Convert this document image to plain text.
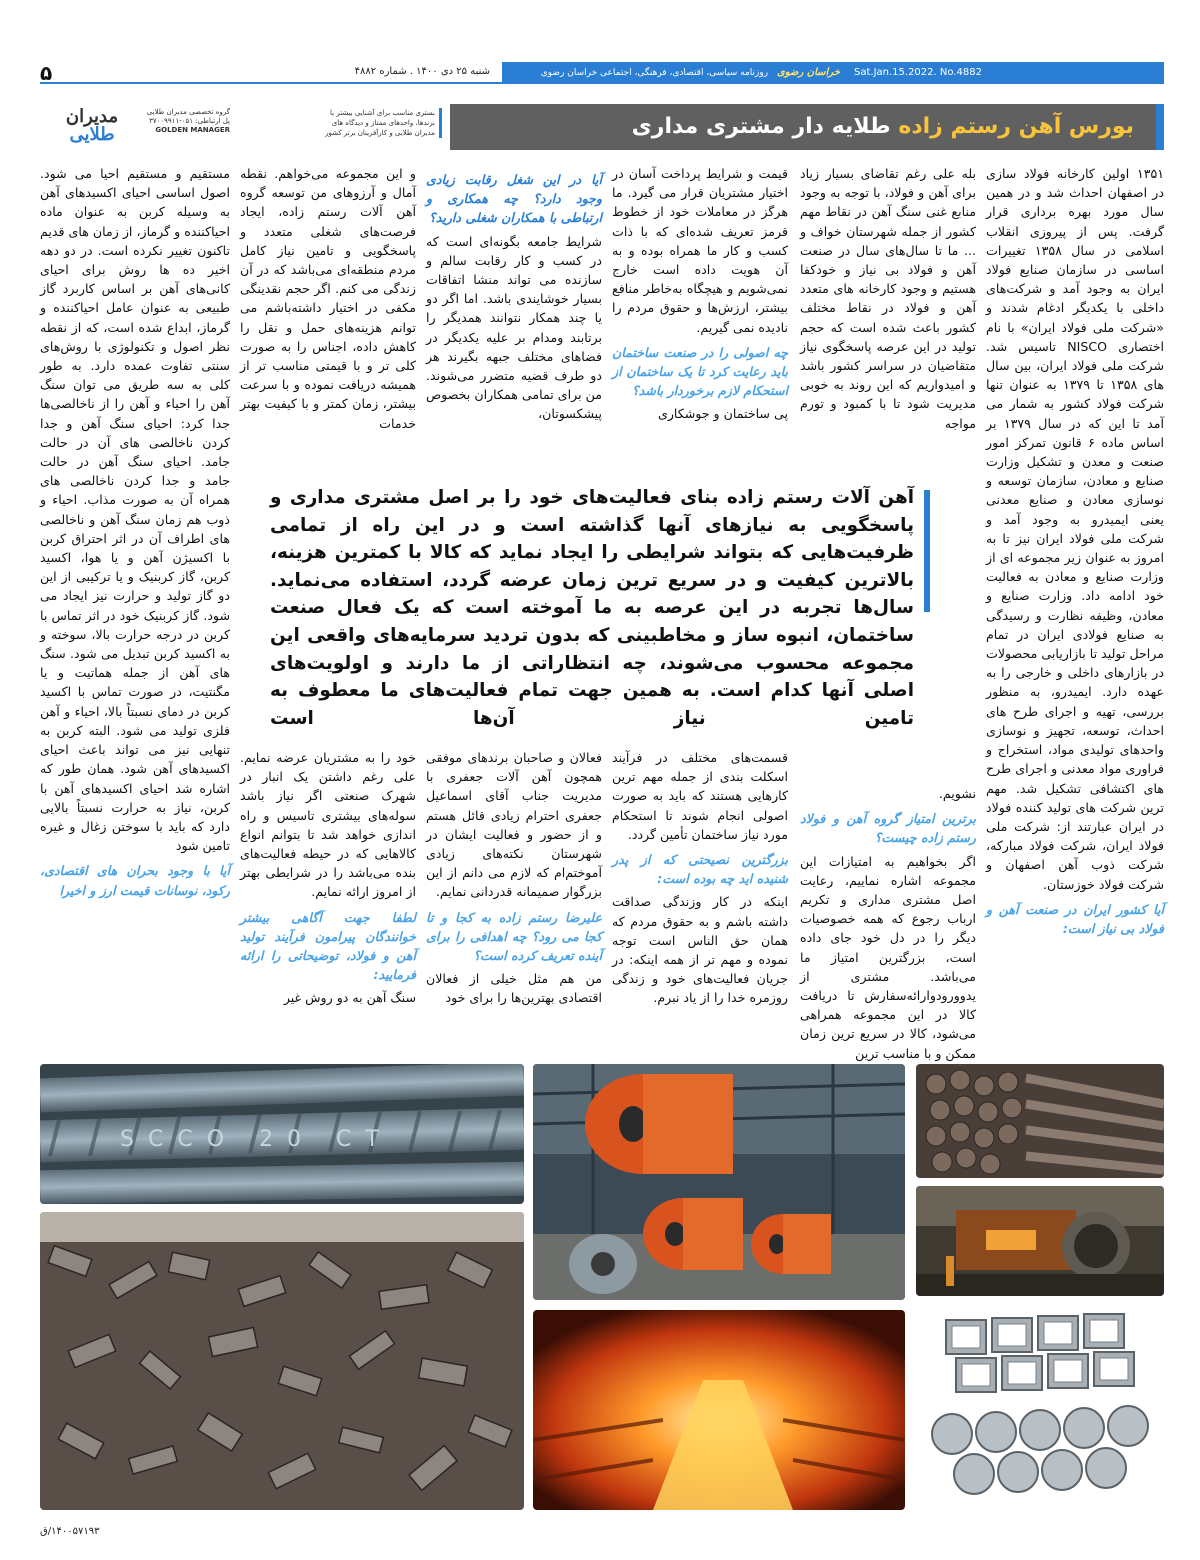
۵	شنبه ۲۵ دی ۱۴۰۰ . شماره ۴۸۸۲	خراسان رضوی روزنامه سیاسی، اقتصادی، فرهنگی، اجتماعی خراسان رضوی	Sat.Jan.15.2022. No.4882
مدیران
طلایی
گروه تخصصی مدیران طلایی
پل ارتباطی: ۰۵۱-۳۷۰۰۹۹۱۱
GOLDEN MANAGER
بستری مناسب برای آشنایی بیشتر با برندها، واحدهای ممتاز و دیدگاه های مدیران طلایی و کارآفرینان برتر کشور	بورس آهن رستم زاده طلایه دار مشتری مداری

۱۳۵۱ اولین کارخانه فولاد سازی در اصفهان احداث شد و در همین سال مورد بهره برداری قرار گرفت. پس از پیروزی انقلاب اسلامی در سال ۱۳۵۸ تغییرات اساسی در سازمان صنایع فولاد ایران به وجود آمد و شرکت‌های داخلی با یکدیگر ادغام شدند و «شرکت ملی فولاد ایران» با نام اختصاری NISCO تاسیس شد. شرکت ملی فولاد ایران، بین سال های ۱۳۵۸ تا ۱۳۷۹ به عنوان تنها شرکت فولاد کشور به شمار می آمد تا این که در سال ۱۳۷۹ بر اساس ماده ۶ قانون تمرکز امور صنعت و معدن و تشکیل وزارت صنایع و معادن، سازمان توسعه و نوسازی معادن و صنایع معدنی یعنی ایمیدرو به وجود آمد و شرکت ملی فولاد ایران نیز تا به امروز به عنوان زیر مجموعه ای از وزارت صنایع و معادن به فعالیت خود ادامه داد. وزارت صنایع و معادن، وظیفه نظارت و رسیدگی به صنایع فولادی ایران در تمام مراحل تولید تا بازاریابی محصولات در بازارهای داخلی و خارجی را به عهده دارد. ایمیدرو، به منظور بررسی، تهیه و اجرای طرح های احداث، توسعه، تجهیز و نوسازی واحدهای تولیدی مواد، استخراج و فراوری مواد معدنی و اجرای طرح های اکتشافی تشکیل شد. مهم ترین شرکت های تولید کننده فولاد در ایران عبارتند از: شرکت ملی فولاد ایران، شرکت فولاد مبارکه، شرکت ذوب آهن اصفهان و شرکت فولاد خوزستان.

آیا کشور ایران در صنعت آهن و فولاد بی نیاز است:

بله علی رغم تقاضای بسیار زیاد برای آهن و فولاد، با توجه به وجود منابع غنی سنگ آهن در نقاط مهم کشور از جمله شهرستان خواف و ... ما تا سال‌های سال در صنعت آهن و فولاد بی نیاز و خودکفا هستیم و وجود کارخانه های متعدد آهن و فولاد در نقاط مختلف کشور باعث شده است که حجم تولید در این عرصه پاسخگوی نیاز متقاضیان در سراسر کشور باشد و امیدواریم که این روند به خوبی مدیریت شود تا با کمبود و تورم مواجه

قیمت و شرایط پرداخت آسان در اختیار مشتریان قرار می گیرد. ما هرگز در معاملات خود از خطوط قرمز تعریف شده‌ای که با ذات کسب و کار ما همراه بوده و به آن هویت داده است خارج نمی‌شویم و هیچگاه به‌خاطر منافع بیشتر، ارزش‌ها و حقوق مردم را نادیده نمی گیریم.

چه اصولی را در صنعت ساختمان باید رعایت کرد تا یک ساختمان از استحکام لازم برخوردار باشد؟

پی ساختمان و جوشکاری

آیا در این شغل رقابت زیادی وجود دارد؟ چه همکاری و ارتباطی با همکاران شغلی دارید؟

شرایط جامعه بگونه‌ای است که در کسب و کار رقابت سالم و سازنده می تواند منشا اتفاقات بسیار خوشایندی باشد. اما اگر دو یا چند همکار نتوانند همدیگر را برتابند ومدام بر علیه یکدیگر در فضاهای مختلف جبهه بگیرند هر دو طرف قضیه متضرر می‌شوند. من برای تمامی همکاران بخصوص پیشکسوتان،

و این مجموعه می‌خواهم. نقطه آمال و آرزوهای من توسعه گروه آهن آلات رستم زاده، ایجاد فرصت‌های شغلی متعدد و پاسخگویی و تامین نیاز کامل مردم منطقه‌ای می‌باشد که در آن زندگی می کنم. اگر حجم نقدینگی مکفی در اختیار داشته‌باشم می توانم هزینه‌های حمل و نقل را کاهش داده، اجناس را به صورت کلی تر و با قیمتی مناسب تر از همیشه دریافت نموده و با سرعت بیشتر، زمان کمتر و با کیفیت بهتر خدمات

مستقیم و مستقیم احیا می شود. اصول اساسی احیای اکسیدهای آهن به وسیله کربن به عنوان ماده احیاکننده و گرماز، از زمان های قدیم تاکنون تغییر نکرده است. در دو دهه اخیر ده ها روش برای احیای کانی‌های آهن بر اساس کاربرد گاز طبیعی به عنوان عامل احیاکننده و گرماز، ابداع شده است، که از نقطه نظر اصول و تکنولوژی با روش‌های سنتی تفاوت عمده دارد. به طور کلی به سه طریق می توان سنگ آهن را احیاء و آهن را از ناخالصی‌ها جدا کرد: احیای سنگ آهن و جدا کردن ناخالصی های آن در حالت جامد. احیای سنگ آهن در حالت جامد و جدا کردن ناخالصی های همراه آن به صورت مذاب. احیاء و ذوب هم زمان سنگ آهن و ناخالصی های اطراف آن در اثر احتراق کربن با اکسیژن آهن و یا هوا، اکسید کربن، گاز کربنیک و یا ترکیبی از این دو گاز تولید و حرارت نیز ایجاد می شود. گاز کربنیک خود در اثر تماس با کربن در درجه حرارت بالا، سوخته و به اکسید کربن تبدیل می شود. سنگ های آهن از جمله هماتیت و یا مگنتیت، در صورت تماس با اکسید کربن در دمای نسبتاً بالا، احیاء و آهن فلزی تولید می شود. البته کربن به تنهایی نیز می تواند باعث احیای اکسیدهای آهن شود. همان طور که اشاره شد احیای اکسیدهای آهن با کربن، نیاز به حرارت نسبتاً بالایی دارد که باید با سوختن زغال و غیره تامین شود

آیا با وجود بحران های اقتصادی، رکود، نوسانات قیمت ارز و اخیرا

آهن آلات رستم زاده بنای فعالیت‌های خود را بر اصل مشتری مداری و پاسخگویی به نیازهای آنها گذاشته است و در این راه از تمامی ظرفیت‌هایی که بتواند شرایطی را ایجاد نماید که کالا با کمترین هزینه، بالاترین کیفیت و در سریع ترین زمان عرضه گردد، استفاده می‌نماید. سال‌ها تجربه در این عرصه به ما آموخته است که یک فعال صنعت ساختمان، انبوه ساز و مخاطبینی که بدون تردید سرمایه‌های واقعی این مجموعه محسوب می‌شوند، چه انتظاراتی از ما دارند و اولویت‌های اصلی آنها کدام است. به همین جهت تمام فعالیت‌های ما معطوف به تامین نیاز آن‌ها است

نشویم.

برترین امتیاز گروه آهن و فولاد رستم زاده چیست؟

اگر بخواهیم به امتیازات این مجموعه اشاره نماییم، رعایت اصل مشتری مداری و تکریم ارباب رجوع که همه خصوصیات دیگر را در دل خود جای داده است، بزرگترین امتیاز ما می‌باشد. مشتری از یدوورودوارائه‌سفارش تا دریافت کالا در این مجموعه همراهی می‌شود، کالا در سریع ترین زمان ممکن و با مناسب ترین

قسمت‌های مختلف در فرآیند اسکلت بندی از جمله مهم ترین کارهایی هستند که باید به صورت اصولی انجام شوند تا استحکام مورد نیاز ساختمان تأمین گردد.

بزرگترین نصیحتی که از پدر شنیده اید چه بوده است:

اینکه در کار وزندگی صداقت داشته باشم و به حقوق مردم که همان حق الناس است توجه نموده و مهم تر از همه اینکه: در جریان فعالیت‌های خود و زندگی روزمره خدا را از یاد نبرم.

فعالان و صاحبان برندهای موفقی همچون آهن آلات جعفری با مدیریت جناب آقای اسماعیل جعفری احترام زیادی قائل هستم و از حضور و فعالیت ایشان در شهرستان نکته‌های زیادی آموختم‌ام که لازم می دانم از این بزرگوار صمیمانه قدردانی نمایم.

علیرضا رستم زاده به کجا و تا کجا می رود؟ چه اهدافی را برای آینده تعریف کرده است؟

من هم مثل خیلی از فعالان اقتصادی بهترین‌ها را برای خود

خود را به مشتریان عرضه نمایم. علی رغم داشتن یک انبار در شهرک صنعتی اگر نیاز باشد سوله‌های بیشتری تاسیس و راه اندازی خواهد شد تا بتوانم انواع کالاهایی که در حیطه فعالیت‌های بنده می‌باشد را در شرایطی بهتر از امروز ارائه نمایم.

لطفا جهت آگاهی بیشتر خوانندگان پیرامون فرآیند تولید آهن و فولاد، توضیحاتی را ارائه فرمایید:

سنگ آهن به دو روش غیر

SCCO 20 CT
۱۴۰۰۵۷۱۹۳/ق
